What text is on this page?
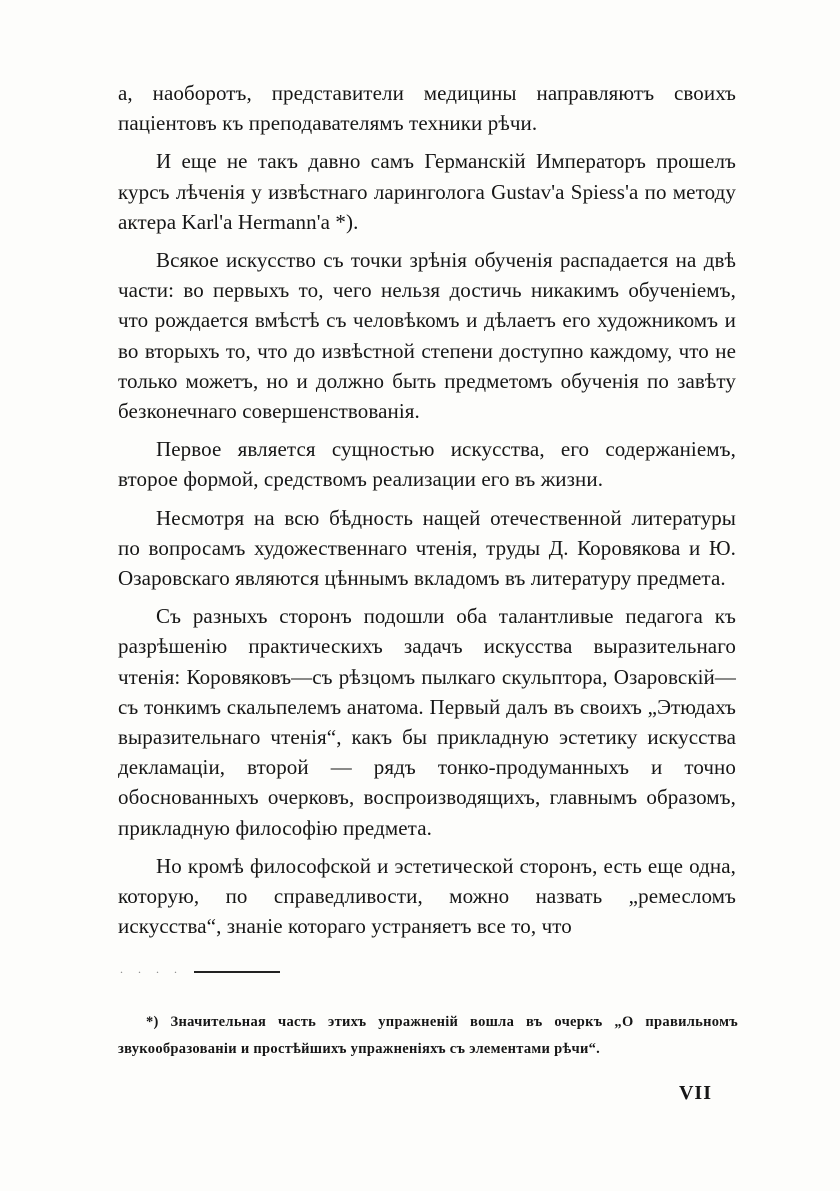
а, наоборотъ, представители медицины направляютъ своихъ паціентовъ къ преподавателямъ техники рѣчи.

И еще не такъ давно самъ Германскій Императоръ прошелъ курсъ лѣченія у извѣстнаго ларинголога Gustav'a Spiess'a по методу актера Karl'a Hermann'a *).

Всякое искусство съ точки зрѣнія обученія распадается на двѣ части: во первыхъ то, чего нельзя достичь никакимъ обученіемъ, что рождается вмѣстѣ съ человѣкомъ и дѣлаетъ его художникомъ и во вторыхъ то, что до извѣстной степени доступно каждому, что не только можетъ, но и должно быть предметомъ обученія по завѣту безконечнаго совершенствованія.

Первое является сущностью искусства, его содержаніемъ, второе формой, средствомъ реализации его въ жизни.

Несмотря на всю бѣдность нащей отечественной литературы по вопросамъ художественнаго чтенія, труды Д. Коровякова и Ю. Озаровскаго являются цѣннымъ вкладомъ въ литературу предмета.

Съ разныхъ сторонъ подошли оба талантливые педагога къ разрѣшенію практическихъ задачъ искусства выразительнаго чтенія: Коровяковъ—съ рѣзцомъ пылкаго скульптора, Озаровскій—съ тонкимъ скальпелемъ анатома. Первый далъ въ своихъ „Этюдахъ выразительнаго чтенія“, какъ бы прикладную эстетику искусства декламаціи, второй — рядъ тонко-продуманныхъ и точно обоснованныхъ очерковъ, воспроизводящихъ, главнымъ образомъ, прикладную философію предмета.

Но кромѣ философской и эстетической сторонъ, есть еще одна, которую, по справедливости, можно назвать „ремесломъ искусства“, знаніе котораго устраняетъ все то, что

. . . .

*) Значительная часть этихъ упражненій вошла въ очеркъ „О правильномъ звукообразованіи и простѣйшихъ упражненіяхъ съ элементами рѣчи“.

VII
